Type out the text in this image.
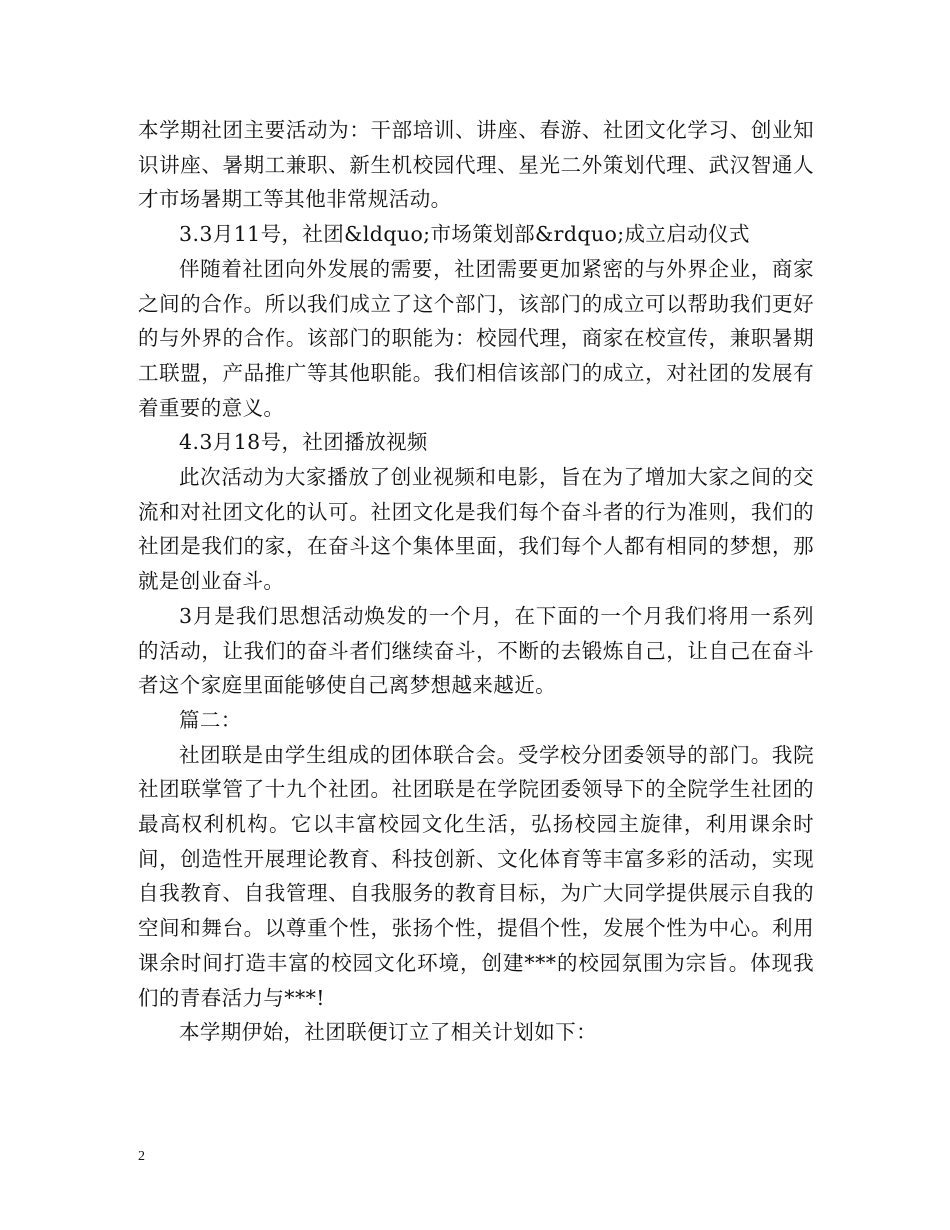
本学期社团主要活动为：干部培训、讲座、春游、社团文化学习、创业知识讲座、暑期工兼职、新生机校园代理、星光二外策划代理、武汉智通人才市场暑期工等其他非常规活动。

3.3月11号，社团&ldquo;市场策划部&rdquo;成立启动仪式

伴随着社团向外发展的需要，社团需要更加紧密的与外界企业，商家之间的合作。所以我们成立了这个部门，该部门的成立可以帮助我们更好的与外界的合作。该部门的职能为：校园代理，商家在校宣传，兼职暑期工联盟，产品推广等其他职能。我们相信该部门的成立，对社团的发展有着重要的意义。

4.3月18号，社团播放视频

此次活动为大家播放了创业视频和电影，旨在为了增加大家之间的交流和对社团文化的认可。社团文化是我们每个奋斗者的行为准则，我们的社团是我们的家，在奋斗这个集体里面，我们每个人都有相同的梦想，那就是创业奋斗。

3月是我们思想活动焕发的一个月，在下面的一个月我们将用一系列的活动，让我们的奋斗者们继续奋斗，不断的去锻炼自己，让自己在奋斗者这个家庭里面能够使自己离梦想越来越近。

篇二：

社团联是由学生组成的团体联合会。受学校分团委领导的部门。我院社团联掌管了十九个社团。社团联是在学院团委领导下的全院学生社团的最高权利机构。它以丰富校园文化生活，弘扬校园主旋律，利用课余时间，创造性开展理论教育、科技创新、文化体育等丰富多彩的活动，实现自我教育、自我管理、自我服务的教育目标，为广大同学提供展示自我的空间和舞台。以尊重个性，张扬个性，提倡个性，发展个性为中心。利用课余时间打造丰富的校园文化环境，创建***的校园氛围为宗旨。体现我们的青春活力与***!

本学期伊始，社团联便订立了相关计划如下：

2
